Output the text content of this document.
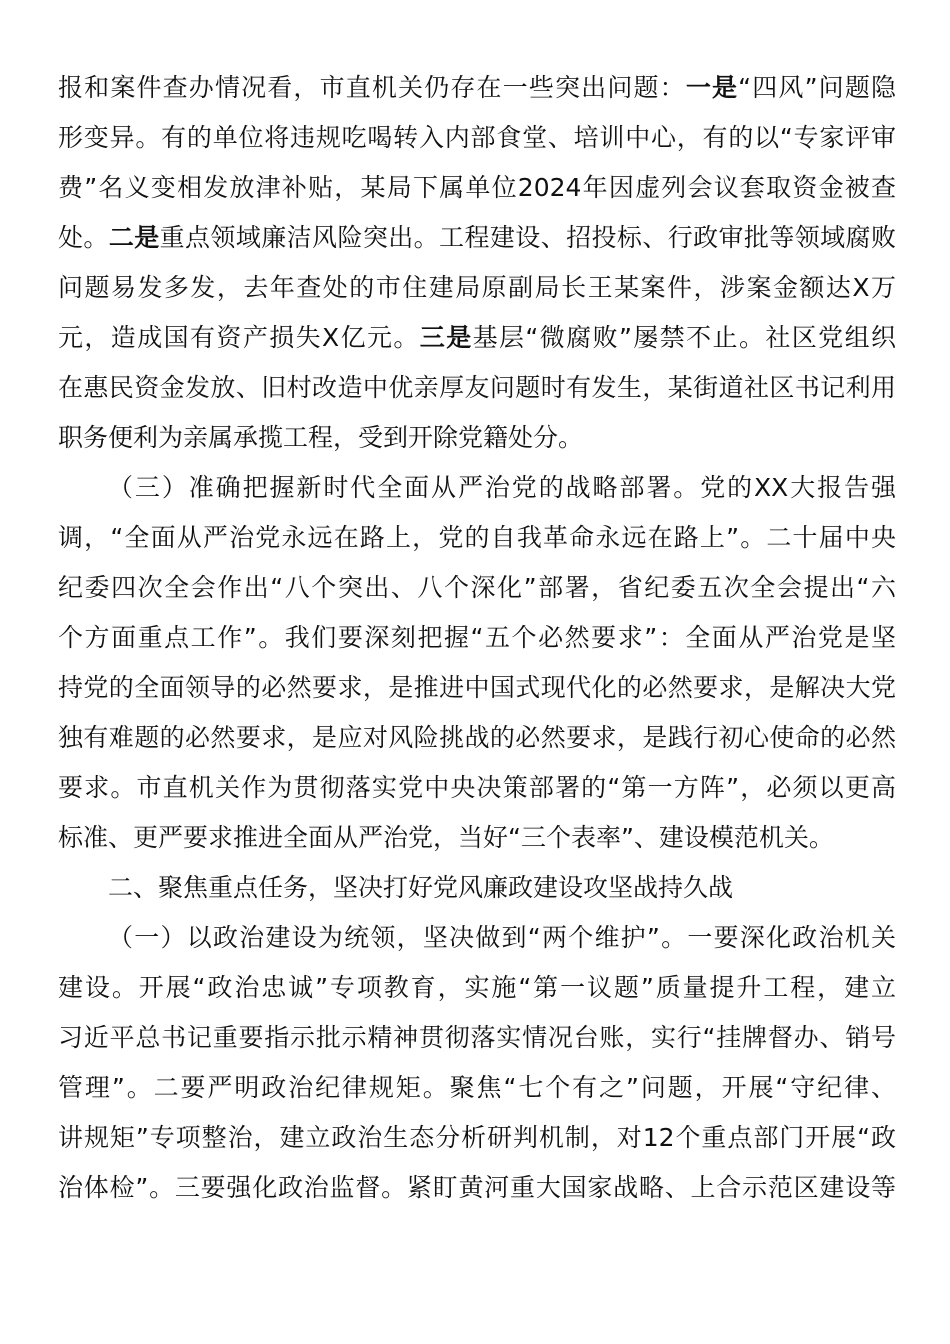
报和案件查办情况看，市直机关仍存在一些突出问题：一是“四风”问题隐
形变异。有的单位将违规吃喝转入内部食堂、培训中心，有的以“专家评审
费”名义变相发放津补贴，某局下属单位2024年因虚列会议套取资金被查
处。二是重点领域廉洁风险突出。工程建设、招投标、行政审批等领域腐败
问题易发多发，去年查处的市住建局原副局长王某案件，涉案金额达X万
元，造成国有资产损失X亿元。三是基层“微腐败”屡禁不止。社区党组织
在惠民资金发放、旧村改造中优亲厚友问题时有发生，某街道社区书记利用
职务便利为亲属承揽工程，受到开除党籍处分。
（三）准确把握新时代全面从严治党的战略部署。党的XX大报告强
调，“全面从严治党永远在路上，党的自我革命永远在路上”。二十届中央
纪委四次全会作出“八个突出、八个深化”部署，省纪委五次全会提出“六
个方面重点工作”。我们要深刻把握“五个必然要求”：全面从严治党是坚
持党的全面领导的必然要求，是推进中国式现代化的必然要求，是解决大党
独有难题的必然要求，是应对风险挑战的必然要求，是践行初心使命的必然
要求。市直机关作为贯彻落实党中央决策部署的“第一方阵”，必须以更高
标准、更严要求推进全面从严治党，当好“三个表率”、建设模范机关。
二、聚焦重点任务，坚决打好党风廉政建设攻坚战持久战
（一）以政治建设为统领，坚决做到“两个维护”。一要深化政治机关
建设。开展“政治忠诚”专项教育，实施“第一议题”质量提升工程，建立
习近平总书记重要指示批示精神贯彻落实情况台账，实行“挂牌督办、销号
管理”。二要严明政治纪律规矩。聚焦“七个有之”问题，开展“守纪律、
讲规矩”专项整治，建立政治生态分析研判机制，对12个重点部门开展“政
治体检”。三要强化政治监督。紧盯黄河重大国家战略、上合示范区建设等
